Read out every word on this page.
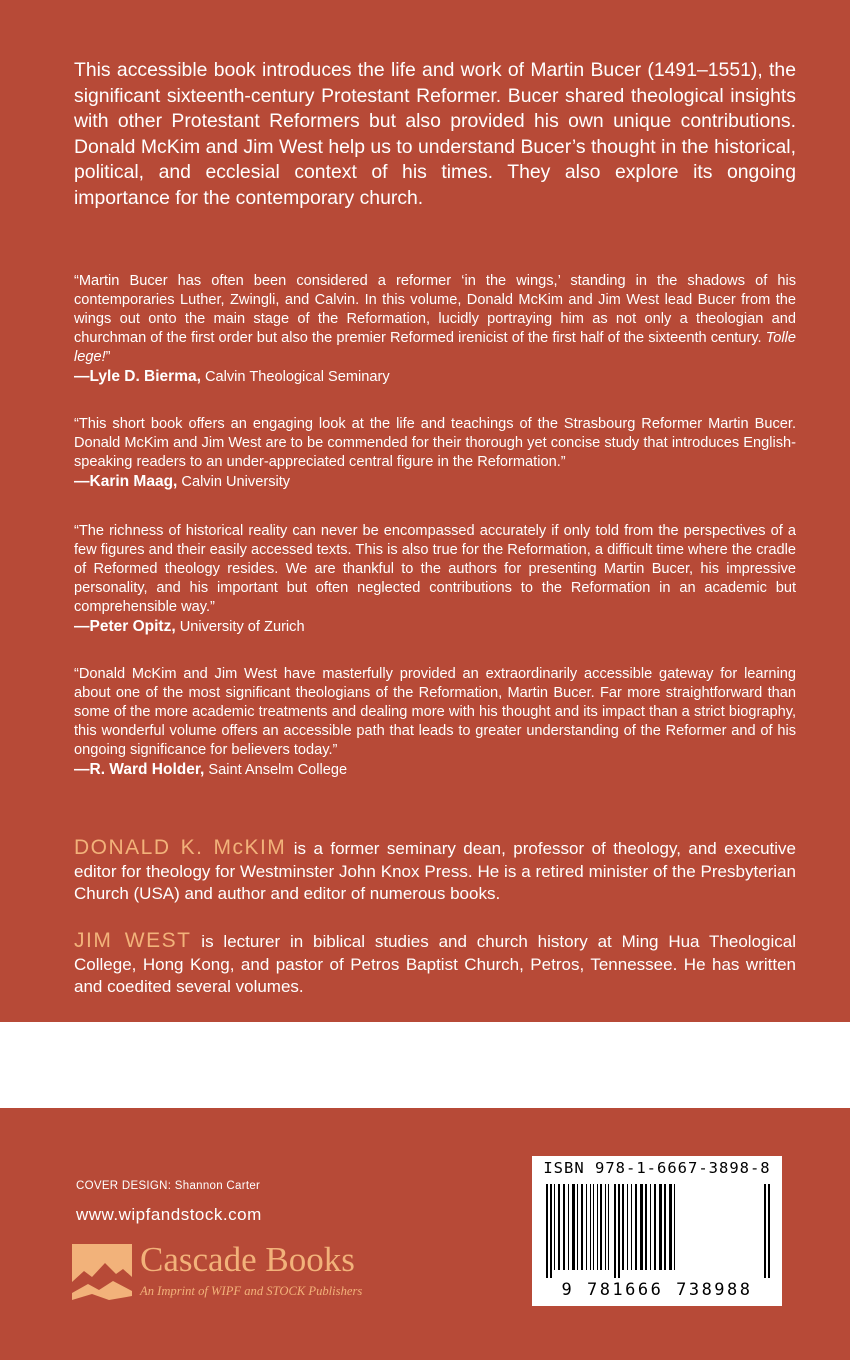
This accessible book introduces the life and work of Martin Bucer (1491–1551), the significant sixteenth-century Protestant Reformer. Bucer shared theological insights with other Protestant Reformers but also provided his own unique contributions. Donald McKim and Jim West help us to understand Bucer’s thought in the historical, political, and ecclesial context of his times. They also explore its ongoing importance for the contemporary church.

“Martin Bucer has often been considered a reformer ‘in the wings,’ standing in the shadows of his contemporaries Luther, Zwingli, and Calvin. In this volume, Donald McKim and Jim West lead Bucer from the wings out onto the main stage of the Reformation, lucidly portraying him as not only a theologian and churchman of the first order but also the premier Reformed irenicist of the first half of the sixteenth century. Tolle lege!”
—Lyle D. Bierma, Calvin Theological Seminary

“This short book offers an engaging look at the life and teachings of the Strasbourg Reformer Martin Bucer. Donald McKim and Jim West are to be commended for their thorough yet concise study that introduces English-speaking readers to an under-appreciated central figure in the Reformation.”
—Karin Maag, Calvin University

“The richness of historical reality can never be encompassed accurately if only told from the perspectives of a few figures and their easily accessed texts. This is also true for the Reformation, a difficult time where the cradle of Reformed theology resides. We are thankful to the authors for presenting Martin Bucer, his impressive personality, and his important but often neglected contributions to the Reformation in an academic but comprehensible way.”
—Peter Opitz, University of Zurich

“Donald McKim and Jim West have masterfully provided an extraordinarily accessible gateway for learning about one of the most significant theologians of the Reformation, Martin Bucer. Far more straightforward than some of the more academic treatments and dealing more with his thought and its impact than a strict biography, this wonderful volume offers an accessible path that leads to greater understanding of the Reformer and of his ongoing significance for believers today.”
—R. Ward Holder, Saint Anselm College

DONALD K. McKIM is a former seminary dean, professor of theology, and executive editor for theology for Westminster John Knox Press. He is a retired minister of the Presbyterian Church (USA) and author and editor of numerous books.

JIM WEST is lecturer in biblical studies and church history at Ming Hua Theological College, Hong Kong, and pastor of Petros Baptist Church, Petros, Tennessee. He has written and coedited several volumes.

COVER DESIGN: Shannon Carter
www.wipfandstock.com
Cascade Books
An Imprint of WIPF and STOCK Publishers
ISBN 978-1-6667-3898-8
9 781666 738988
